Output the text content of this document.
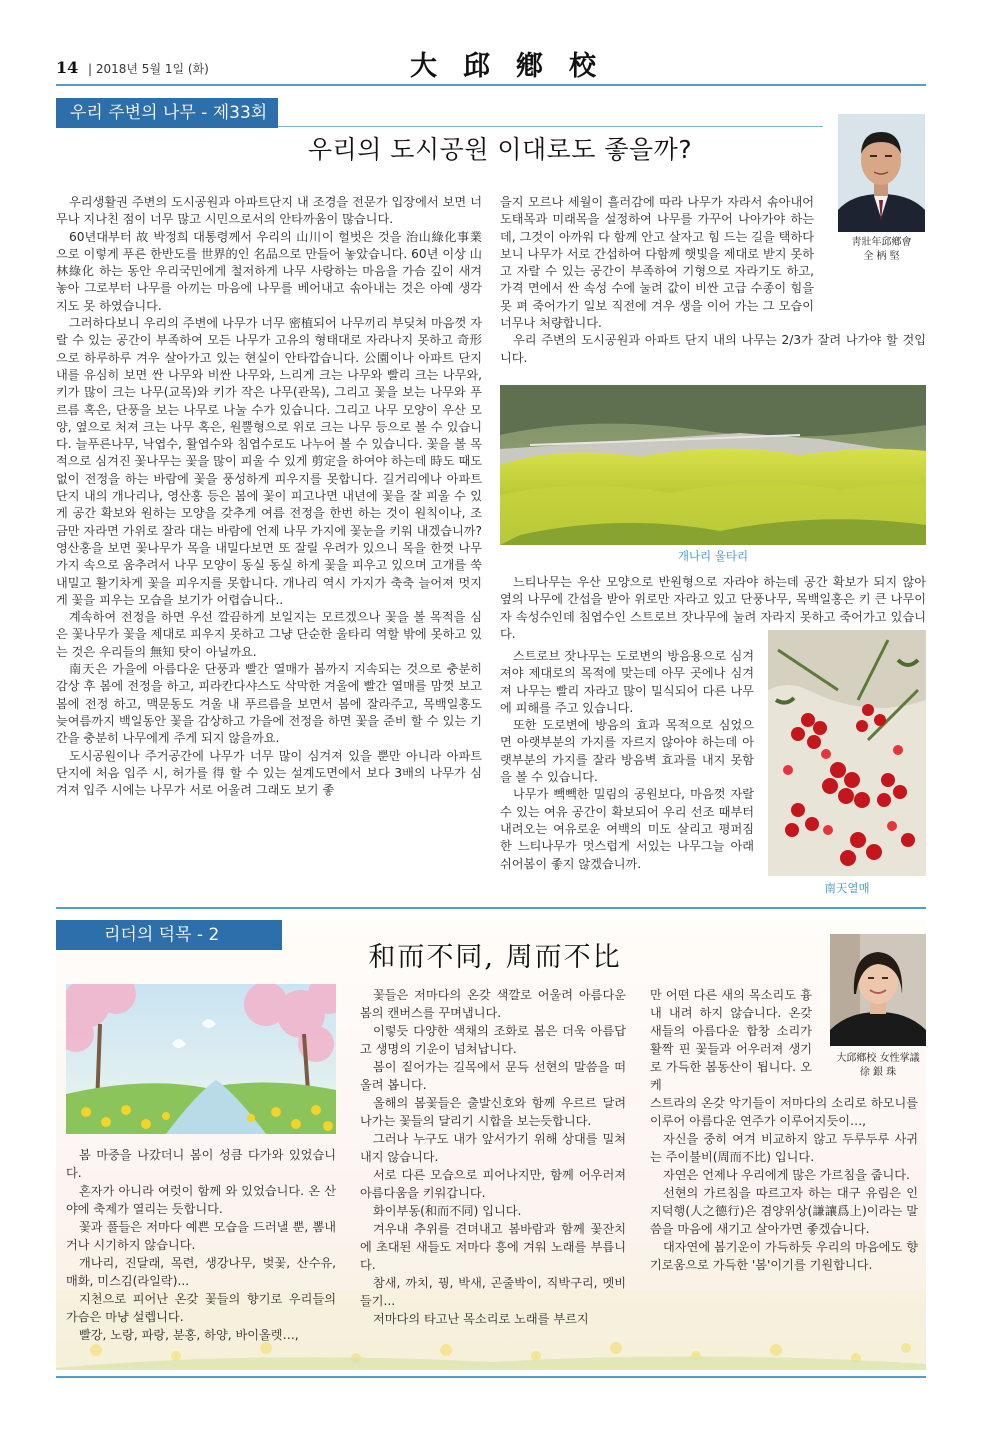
14 | 2018년 5월 1일 (화)	大邱鄕校
우리 주변의 나무 - 제33회
우리의 도시공원 이대로도 좋을까?
靑壯年邱鄕會
全 柄 堅

우리생활권 주변의 도시공원과 아파트단지 내 조경을 전문가 입장에서 보면 너무나 지나친 점이 너무 많고 시민으로서의 안타까움이 많습니다.

60년대부터 故 박정희 대통령께서 우리의 山川이 헐벗은 것을 治山綠化事業으로 이렇게 푸른 한반도를 世界的인 名品으로 만들어 놓았습니다. 60년 이상 山林綠化 하는 동안 우리국민에게 철저하게 나무 사랑하는 마음을 가슴 깊이 새겨놓아 그로부터 나무를 아끼는 마음에 나무를 베어내고 솎아내는 것은 아예 생각지도 못 하였습니다.

그러하다보니 우리의 주변에 나무가 너무 密植되어 나무끼리 부딪쳐 마음껏 자랄 수 있는 공간이 부족하여 모든 나무가 고유의 형태대로 자라나지 못하고 奇形으로 하루하루 겨우 살아가고 있는 현실이 안타깝습니다. 公園이나 아파트 단지 내를 유심히 보면 싼 나무와 비싼 나무와, 느리게 크는 나무와 빨리 크는 나무와, 키가 많이 크는 나무(교목)와 키가 작은 나무(관목), 그리고 꽃을 보는 나무와 푸르름 혹은, 단풍을 보는 나무로 나눌 수가 있습니다. 그리고 나무 모양이 우산 모양, 옆으로 처져 크는 나무 혹은, 원뿔형으로 위로 크는 나무 등으로 볼 수 있습니다. 늘푸른나무, 낙엽수, 활엽수와 침엽수로도 나누어 볼 수 있습니다. 꽃을 볼 목적으로 심겨진 꽃나무는 꽃을 많이 피울 수 있게 剪定을 하여야 하는데 時도 때도 없이 전정을 하는 바람에 꽃을 풍성하게 피우지를 못합니다. 길거리에나 아파트 단지 내의 개나리나, 영산홍 등은 봄에 꽃이 피고나면 내년에 꽃을 잘 피울 수 있게 공간 확보와 원하는 모양을 갖추게 여름 전정을 한번 하는 것이 원칙이나, 조금만 자라면 가위로 잘라 대는 바람에 언제 나무 가지에 꽃눈을 키워 내겠습니까? 영산홍을 보면 꽃나무가 목을 내밀다보면 또 잘릴 우려가 있으니 목을 한껏 나무 가지 속으로 움추려서 나무 모양이 동실 동실 하게 꽃을 피우고 있으며 고개를 쑥 내밀고 활기차게 꽃을 피우지를 못합니다. 개나리 역시 가지가 축축 늘어져 멋지게 꽃을 피우는 모습을 보기가 어렵습니다..

계속하여 전정을 하면 우선 깔끔하게 보일지는 모르겠으나 꽃을 볼 목적을 심은 꽃나무가 꽃을 제대로 피우지 못하고 그냥 단순한 울타리 역할 밖에 못하고 있는 것은 우리들의 無知 탓이 아닐까요.

南天은 가을에 아름다운 단풍과 빨간 열매가 봄까지 지속되는 것으로 충분히 감상 후 봄에 전정을 하고, 피라칸다샤스도 삭막한 겨울에 빨간 열매를 맘껏 보고 봄에 전정 하고, 맥문동도 겨울 내 푸르름을 보면서 봄에 잘라주고, 목백일홍도 늦여름까지 백일동안 꽃을 감상하고 가을에 전정을 하면 꽃을 준비 할 수 있는 기간을 충분히 나무에게 주게 되지 않을까요.

도시공원이나 주거공간에 나무가 너무 많이 심겨져 있을 뿐만 아니라 아파트 단지에 처음 입주 시, 허가를 得 할 수 있는 설계도면에서 보다 3배의 나무가 심겨져 입주 시에는 나무가 서로 어울려 그래도 보기 좋

을지 모르나 세월이 흘러감에 따라 나무가 자라서 솎아내어 도태목과 미래목을 설정하여 나무를 가꾸어 나아가야 하는데, 그것이 아까워 다 함께 안고 살자고 힘 드는 길을 택하다 보니 나무가 서로 간섭하여 다함께 햇빛을 제대로 받지 못하고 자랄 수 있는 공간이 부족하여 기형으로 자라기도 하고, 가격 면에서 싼 속성 수에 눌려 값이 비싼 고급 수종이 힘을 못 펴 죽어가기 일보 직전에 겨우 생을 이어 가는 그 모습이 너무나 처량합니다.

우리 주변의 도시공원과 아파트 단지 내의 나무는 2/3가 잘려 나가야 할 것입니다.

개나리 울타리

느티나무는 우산 모양으로 반원형으로 자라야 하는데 공간 확보가 되지 않아 옆의 나무에 간섭을 받아 위로만 자라고 있고 단풍나무, 목백일홍은 키 큰 나무이자 속성수인데 침엽수인 스트로브 잣나무에 눌려 자라지 못하고 죽어가고 있습니다.

스트로브 잣나무는 도로변의 방음용으로 심겨져야 제대로의 목적에 맞는데 아무 곳에나 심겨져 나무는 빨리 자라고 많이 밀식되어 다른 나무에 피해를 주고 있습니다.

또한 도로변에 방음의 효과 목적으로 심었으면 아랫부분의 가지를 자르지 않아야 하는데 아랫부분의 가지를 잘라 방음벽 효과를 내지 못함을 볼 수 있습니다.

나무가 빽빽한 밀림의 공원보다, 마음껏 자랄 수 있는 여유 공간이 확보되어 우리 선조 때부터 내려오는 여유로운 여백의 미도 살리고 평퍼짐한 느티나무가 멋스럽게 서있는 나무그늘 아래 쉬어봄이 좋지 않겠습니까.

南天열매
리더의 덕목 - 2
和而不同, 周而不比
大邱鄕校 女性掌議
徐 銀 珠

봄 마중을 나갔더니 봄이 성큼 다가와 있었습니다.

혼자가 아니라 여럿이 함께 와 있었습니다. 온 산야에 축제가 열리는 듯합니다.

꽃과 풀들은 저마다 예쁜 모습을 드러낼 뿐, 뽐내거나 시기하지 않습니다.

개나리, 진달래, 목련, 생강나무, 벚꽃, 산수유, 매화, 미스김(라일락)...

지천으로 피어난 온갖 꽃들의 향기로 우리들의 가슴은 마냥 설렙니다.

빨강, 노랑, 파랑, 분홍, 하양, 바이올렛…,

꽃들은 저마다의 온갖 색깔로 어울려 아름다운 봄의 캔버스를 꾸며냅니다.

이렇듯 다양한 색채의 조화로 봄은 더욱 아름답고 생명의 기운이 넘쳐납니다.

봄이 짙어가는 길목에서 문득 선현의 말씀을 떠올려 봅니다.

올해의 봄꽃들은 출발신호와 함께 우르르 달려나가는 꽃들의 달리기 시합을 보는듯합니다.

그러나 누구도 내가 앞서가기 위해 상대를 밀쳐내지 않습니다.

서로 다른 모습으로 피어나지만, 함께 어우러져 아름다움을 키워갑니다.

화이부동(和而不同) 입니다.

겨우내 추위를 견뎌내고 봄바람과 함께 꽃잔치에 초대된 새들도 저마다 흥에 겨워 노래를 부릅니다.

참새, 까치, 꿩, 박새, 곤줄박이, 직박구리, 멧비들기...

저마다의 타고난 목소리로 노래를 부르지

만 어떤 다른 새의 목소리도 흉내 내려 하지 않습니다. 온갖 새들의 아름다운 합창 소리가 활짝 핀 꽃들과 어우러져 생기로 가득한 봄동산이 됩니다. 오케

스트라의 온갖 악기들이 저마다의 소리로 하모니를 이루어 아름다운 연주가 이루어지듯이…,

자신을 중히 여겨 비교하지 않고 두루두루 사귀는 주이불비(周而不比) 입니다.

자연은 언제나 우리에게 많은 가르침을 줍니다.

선현의 가르침을 따르고자 하는 대구 유림은 인지덕행(人之德行)은 겸양위상(謙讓爲上)이라는 말씀을 마음에 새기고 살아가면 좋겠습니다.

대자연에 봄기운이 가득하듯 우리의 마음에도 향기로움으로 가득한 '봄'이기를 기원합니다.
